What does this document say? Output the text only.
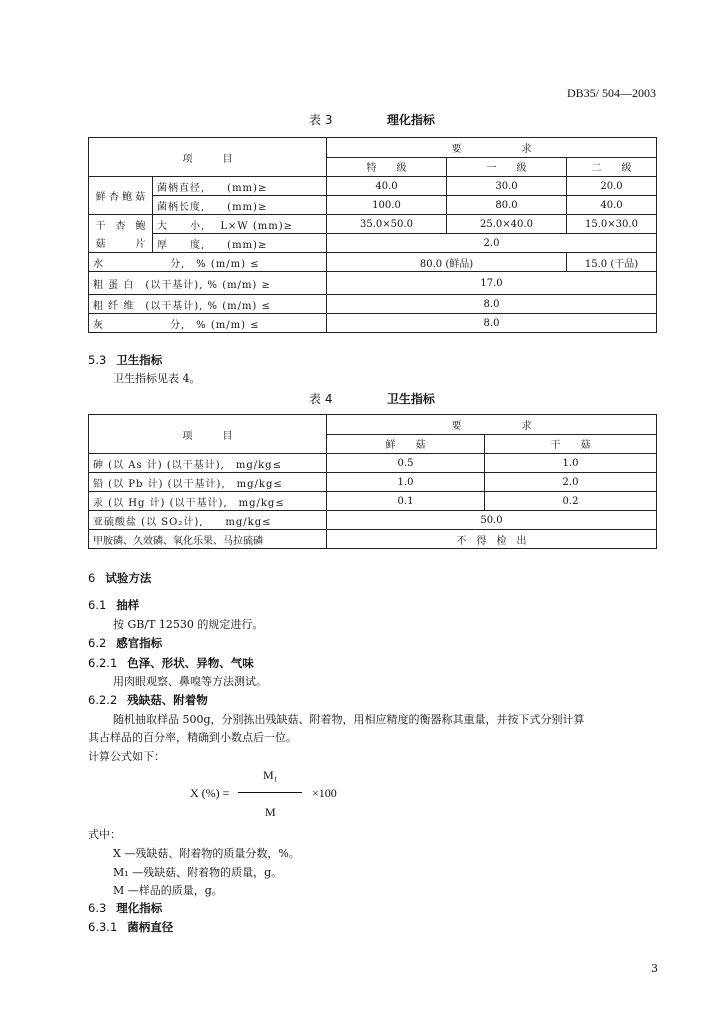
DB35/ 504—2003
表 3	理化指标
项　　　目		要　　　　　　求		
		特　　级	一　　级	二　　级
鲜 杏 鲍 菇	菌柄直径,　　(mm)≥	40.0	30.0	20.0
	菌柄长度,　　(mm)≥	100.0	80.0	40.0
干　杏　鲍	大　　小,　 L×W (mm)≥	35.0×50.0	25.0×40.0	15.0×30.0
菇　　　片	厚　　度,　　(mm)≥	2.0		
水　　　　　　分,　% (m/m) ≤		80.0 (鲜品)		15.0 (干品)
粗 蛋 白　(以干基计), % (m/m) ≥		17.0		
粗 纤 维　(以干基计), % (m/m) ≤		8.0		
灰　　　　　　分,　% (m/m) ≤		8.0		
5.3 卫生指标
卫生指标见表 4。
表 4	卫生指标
项　　　目	要　　　　　　求	
	鲜　　菇	干　　菇
砷 (以 As 计) (以干基计),　mg/kg≤	0.5	1.0
铅 (以 Pb 计) (以干基计),　mg/kg≤	1.0	2.0
汞 (以 Hg 计) (以干基计),　mg/kg≤	0.1	0.2
亚硫酸盐 (以 SO₂计),　　mg/kg≤	50.0	
甲胺磷、久效磷、氧化乐果、马拉硫磷	不　得　检　出	
6 试验方法
6.1 抽样
按 GB/T 12530 的规定进行。
6.2 感官指标
6.2.1 色泽、形状、异物、气味
用肉眼观察、鼻嗅等方法测试。
6.2.2 残缺菇、附着物
随机抽取样品 500g，分别拣出残缺菇、附着物，用相应精度的衡器称其重量，并按下式分别计算
其占样品的百分率，精确到小数点后一位。
计算公式如下：
M₁
X (%) =	×100
M
式中：
X —残缺菇、附着物的质量分数，%。
M₁ —残缺菇、附着物的质量，g。
M —样品的质量，g。
6.3 理化指标
6.3.1 菌柄直径
3
